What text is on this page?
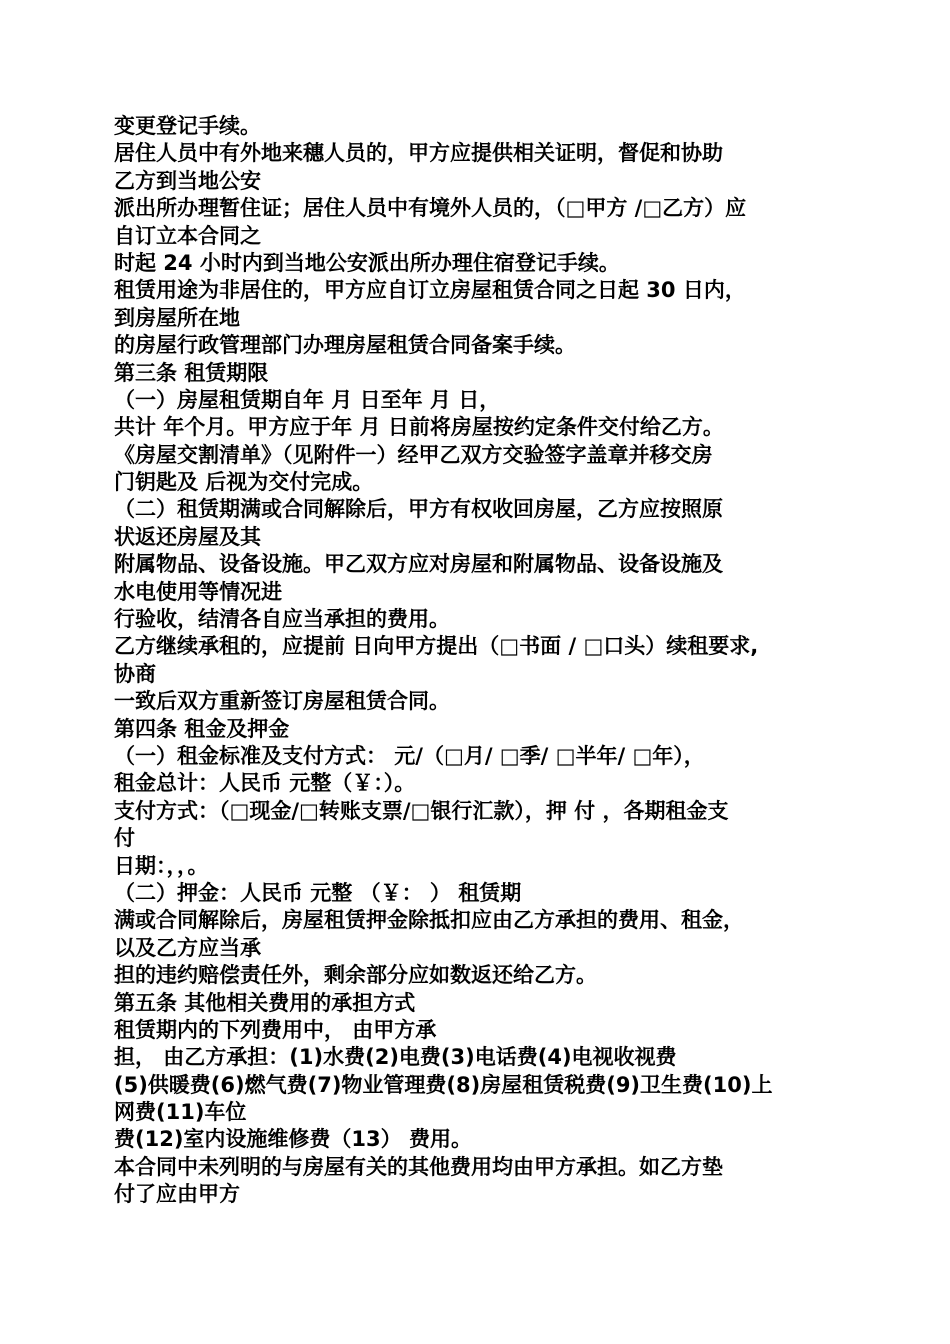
变更登记手续。
居住人员中有外地来穗人员的，甲方应提供相关证明，督促和协助
乙方到当地公安
派出所办理暂住证；居住人员中有境外人员的，（□甲方 /□乙方）应
自订立本合同之
时起 24 小时内到当地公安派出所办理住宿登记手续。
租赁用途为非居住的，甲方应自订立房屋租赁合同之日起 30 日内，
到房屋所在地
的房屋行政管理部门办理房屋租赁合同备案手续。
第三条 租赁期限
（一）房屋租赁期自年 月 日至年 月 日，
共计 年个月。甲方应于年 月 日前将房屋按约定条件交付给乙方。
《房屋交割清单》（见附件一）经甲乙双方交验签字盖章并移交房
门钥匙及 后视为交付完成。
（二）租赁期满或合同解除后，甲方有权收回房屋，乙方应按照原
状返还房屋及其
附属物品、设备设施。甲乙双方应对房屋和附属物品、设备设施及
水电使用等情况进
行验收，结清各自应当承担的费用。
乙方继续承租的，应提前 日向甲方提出（□书面 / □口头）续租要求,
协商
一致后双方重新签订房屋租赁合同。
第四条 租金及押金
（一）租金标准及支付方式： 元/（□月/ □季/ □半年/ □年），
租金总计：人民币 元整（￥：）。
支付方式：（□现金/□转账支票/□银行汇款），押 付 ，各期租金支
付
日期：，，。
（二）押金：人民币 元整 （￥： ） 租赁期
满或合同解除后，房屋租赁押金除抵扣应由乙方承担的费用、租金，
以及乙方应当承
担的违约赔偿责任外，剩余部分应如数返还给乙方。
第五条 其他相关费用的承担方式
租赁期内的下列费用中， 由甲方承
担， 由乙方承担：(1)水费(2)电费(3)电话费(4)电视收视费
(5)供暖费(6)燃气费(7)物业管理费(8)房屋租赁税费(9)卫生费(10)上
网费(11)车位
费(12)室内设施维修费（13） 费用。
本合同中未列明的与房屋有关的其他费用均由甲方承担。如乙方垫
付了应由甲方
